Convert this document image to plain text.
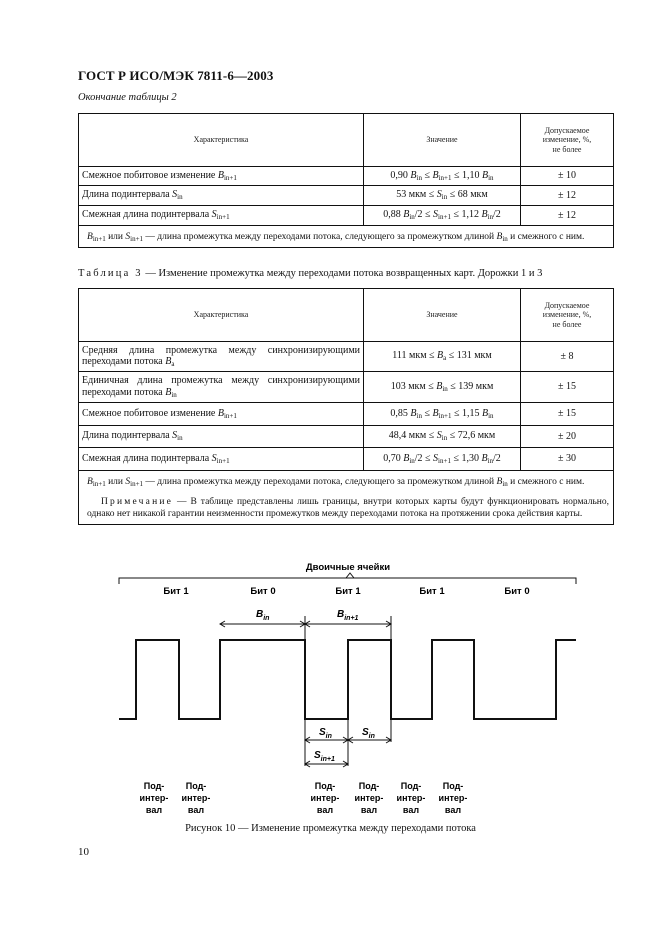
ГОСТ Р ИСО/МЭК 7811-6—2003
Окончание таблицы 2
Характеристика	Значение	Допускаемое
изменение, %,
не более
Смежное побитовое изменение $B_{in+1}$	0,90 $B_{in} \le B_{in+1} \le 1,10$ $B_{in}$	± 10
Длина подинтервала $S_{in}$	53 мкм ≤ $S_{in} \le 68$ мкм	± 12
Смежная длина подинтервала $S_{in+1}$	0,88 $B_{in}/2 \le S_{in+1} \le 1,12$ $B_{in}/2$	± 12
$B_{in+1}$ или $S_{in+1}$ — длина промежутка между переходами потока, следующего за промежутком длиной $B_{in}$ и смежного с ним.		
Таблица 3 — Изменение промежутка между переходами потока возвращенных карт. Дорожки 1 и 3
Характеристика	Значение	Допускаемое
изменение, %,
не более
Средняя длина промежутка между синхронизирующими переходами потока $B_a$	111 мкм ≤ $B_a \le 131$ мкм	± 8
Единичная длина промежутка между синхронизирующими переходами потока $B_{in}$	103 мкм ≤ $B_{in} \le 139$ мкм	± 15
Смежное побитовое изменение $B_{in+1}$	0,85 $B_{in} \le B_{in+1} \le 1,15$ $B_{in}$	± 15
Длина подинтервала $S_{in}$	48,4 мкм ≤ $S_{in} \le 72,6$ мкм	± 20
Смежная длина подинтервала $S_{in+1}$	0,70 $B_{in}/2 \le S_{in+1} \le 1,30$ $B_{in}/2$	± 30

$B_{in+1}$ или $S_{in+1}$ — длина промежутка между переходами потока, следующего за промежутком длиной $B_{in}$ и смежного с ним.
Примечание — В таблице представлены лишь границы, внутри которых карты будут функционировать нормально, однако нет никакой гарантии неизменности промежутков между переходами потока на протяжении срока действия карты.		
Двоичные ячейки
Бит 1	Бит 0	Бит 1	Бит 1	Бит 0
$B_{in}$	$B_{in+1}$
$S_{in}$	$S_{in}$
$S_{in+1}$
Под-интер-вал
Под-интер-вал
Под-интер-вал
Под-интер-вал
Под-интер-вал
Под-интер-вал
Рисунок 10 — Изменение промежутка между переходами потока
10
